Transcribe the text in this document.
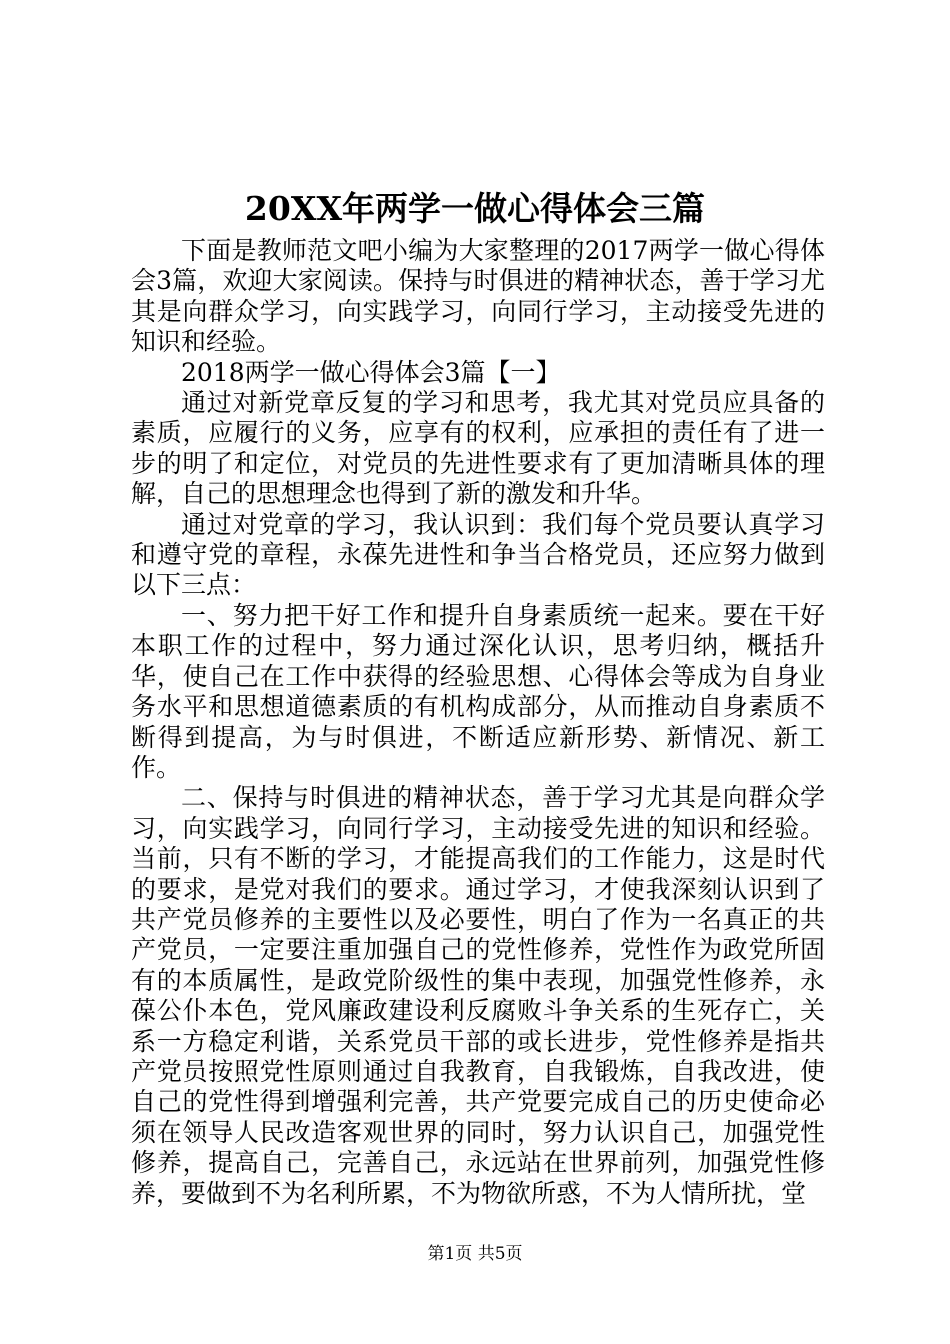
20XX年两学一做心得体会三篇

下面是教师范文吧小编为大家整理的2017两学一做心得体会3篇，欢迎大家阅读。保持与时俱进的精神状态，善于学习尤其是向群众学习，向实践学习，向同行学习，主动接受先进的知识和经验。

2018两学一做心得体会3篇【一】

通过对新党章反复的学习和思考，我尤其对党员应具备的素质，应履行的义务，应享有的权利，应承担的责任有了进一步的明了和定位，对党员的先进性要求有了更加清晰具体的理解，自己的思想理念也得到了新的激发和升华。

通过对党章的学习，我认识到：我们每个党员要认真学习和遵守党的章程，永葆先进性和争当合格党员，还应努力做到以下三点：

一、努力把干好工作和提升自身素质统一起来。要在干好本职工作的过程中，努力通过深化认识，思考归纳，概括升华，使自己在工作中获得的经验思想、心得体会等成为自身业务水平和思想道德素质的有机构成部分，从而推动自身素质不断得到提高，为与时俱进，不断适应新形势、新情况、新工作。

二、保持与时俱进的精神状态，善于学习尤其是向群众学习，向实践学习，向同行学习，主动接受先进的知识和经验。当前，只有不断的学习，才能提高我们的工作能力，这是时代的要求，是党对我们的要求。通过学习，才使我深刻认识到了共产党员修养的主要性以及必要性，明白了作为一名真正的共产党员，一定要注重加强自己的党性修养，党性作为政党所固有的本质属性，是政党阶级性的集中表现，加强党性修养，永葆公仆本色，党风廉政建设利反腐败斗争关系的生死存亡，关系一方稳定利谐，关系党员干部的或长进步，党性修养是指共产党员按照党性原则通过自我教育，自我锻炼，自我改进，使自己的党性得到增强利完善，共产党要完成自己的历史使命必须在领导人民改造客观世界的同时，努力认识自己，加强党性修养，提高自己，完善自己，永远站在世界前列，加强党性修养，要做到不为名利所累，不为物欲所惑，不为人情所扰，堂

第1页 共5页
